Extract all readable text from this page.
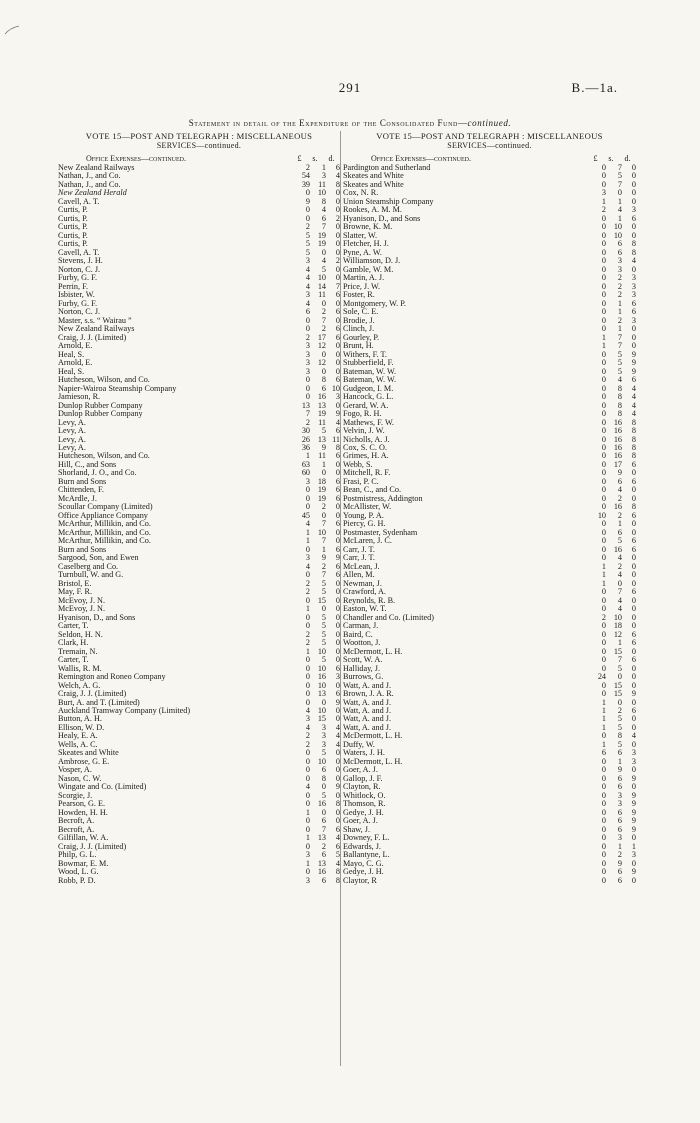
291	B.—1a.
Statement in detail of the Expenditure of the Consolidated Fund—continued.
VOTE 15—POST AND TELEGRAPH : MISCELLANEOUS
SERVICES—continued.
Office Expenses—continued.	£ s. d.
New Zealand Railways	2	1	6
Nathan, J., and Co.	54	3	4
Nathan, J., and Co.	39 11	8
New Zealand Herald	0 10	0
Cavell, A. T.	9	8	0
Curtis, P.	0	4	0
Curtis, P.	0	6	2
Curtis, P.	2	7	0
Curtis, P.	5 19	0
Curtis, P.	5 19	0
Cavell, A. T.	5	0	0
Stevens, J. H.	3	4	2
Norton, C. J.	4	5	0
Furby, G. F.	4 10	0
Perrin, F.	4 14	7
Isbister, W.	3 11	6
Furby, G. F.	4	0	0
Norton, C. J.	6	2	6
Master, s.s. “ Wairau ”	0	7	0
New Zealand Railways	0	2	6
Craig, J. J. (Limited)	2 17	6
Arnold, E.	3 12	0
Heal, S.	3	0	0
Arnold, E.	3 12	0
Heal, S.	3	0	0
Hutcheson, Wilson, and Co.	0	8	6
Napier-Wairoa Steamship Company	0	6 10
Jamieson, R.	0 16	3
Dunlop Rubber Company	13 13	0
Dunlop Rubber Company	7 19	9
Levy, A.	2 11	4
Levy, A.	30	5	6
Levy, A.	26 13 11
Levy, A.	36	9	8
Hutcheson, Wilson, and Co.	1 11	6
Hill, C., and Sons	63	1	0
Shorland, J. O., and Co.	60	0	0
Burn and Sons	3 18	6
Chittenden, F.	0 19	6
McArdle, J.	0 19	6
Scoullar Company (Limited)	0	2	0
Office Appliance Company	45	0	0
McArthur, Millikin, and Co.	4	7	6
McArthur, Millikin, and Co.	1 10	0
McArthur, Millikin, and Co.	1	7	0
Burn and Sons	0	1	6
Sargood, Son, and Ewen	3	9	9
Caselberg and Co.	4	2	6
Turnbull, W. and G.	0	7	6
Bristol, E.	2	5	0
May, F. R.	2	5	0
McEvoy, J. N.	0 15	0
McEvoy, J. N.	1	0	0
Hyanison, D., and Sons	0	5	0
Carter, T.	0	5	0
Seldon, H. N.	2	5	0
Clark, H.	2	5	0
Tremain, N.	1 10	0
Carter, T.	0	5	0
Wallis, R. M.	0 10	6
Remington and Roneo Company	0 16	3
Welch, A. G.	0 10	0
Craig, J. J. (Limited)	0 13	6
Burt, A. and T. (Limited)	0	0	9
Auckland Tramway Company (Limited)	4 10	0
Button, A. H.	3 15	0
Ellison, W. D.	4	3	4
Healy, E. A.	2	3	4
Wells, A. C.	2	3	4
Skeates and White	0	5	0
Ambrose, G. E.	0 10	0
Vosper, A.	0	6	0
Nason, C. W.	0	8	0
Wingate and Co. (Limited)	4	0	9
Scorgie, J.	0	5	0
Pearson, G. E.	0 16	8
Howden, H. H.	1	0	0
Becroft, A.	0	6	0
Becroft, A.	0	7	6
Gilfillan, W. A.	1 13	4
Craig, J. J. (Limited)	0	2	6
Philp, G. L.	3	6	5
Bowmar, E. M.	1 13	4
Wood, L. G.	0 16	8
Robb, P. D.	3	6	8
VOTE 15—POST AND TELEGRAPH : MISCELLANEOUS
SERVICES—continued.
Office Expenses—continued.	£ s. d.
Pardington and Sutherland	0	7	0
Skeates and White	0	5	0
Skeates and White	0	7	0
Cox, N. R.	3	0	0
Union Steamship Company	1	1	0
Rookes, A. M. M.	2	4	3
Hyanison, D., and Sons	0	1	6
Browne, K. M.	0 10	0
Slatter, W.	0 10	0
Fletcher, H. J.	0	6	8
Pyne, A. W.	0	6	8
Williamson, D. J.	0	3	4
Gamble, W. M.	0	3	0
Martin, A. J.	0	2	3
Price, J. W.	0	2	3
Foster, R.	0	2	3
Montgomery, W. P.	0	1	6
Sole, C. E.	0	1	6
Brodie, J.	0	2	3
Clinch, J.	0	1	0
Gourley, P.	1	7	0
Brunt, H.	1	7	0
Withers, F. T.	0	5	9
Stubberfield, F.	0	5	9
Bateman, W. W.	0	5	9
Bateman, W. W.	0	4	6
Gudgeon, I. M.	0	8	4
Hancock, G. L.	0	8	4
Gerard, W. A.	0	8	4
Fogo, R. H.	0	8	4
Mathews, F. W.	0 16	8
Velvin, J. W.	0 16	8
Nicholls, A. J.	0 16	8
Cox, S. C. O.	0 16	8
Grimes, H. A.	0 16	8
Webb, S.	0 17	6
Mitchell, R. F.	0	9	0
Frasi, P. C.	0	6	6
Bean, C., and Co.	0	4	0
Postmistress, Addington	0	2	0
McAllister, W.	0 16	8
Young, P. A.	10	2	6
Piercy, G. H.	0	1	0
Postmaster, Sydenham	0	6	0
McLaren, J. C.	0	5	6
Carr, J. T.	0 16	6
Carr, J. T.	0	4	0
McLean, J.	1	2	0
Allen, M.	1	4	0
Newman, J.	1	0	0
Crawford, A.	0	7	6
Reynolds, R. B.	0	4	0
Easton, W. T.	0	4	0
Chandler and Co. (Limited)	2 10	0
Carman, J.	0 18	0
Baird, C.	0 12	6
Wootton, J.	0	1	6
McDermott, L. H.	0 15	0
Scott, W. A.	0	7	6
Halliday, J.	0	5	0
Burrows, G.	24	0	0
Watt, A. and J.	0 15	0
Brown, J. A. R.	0 15	9
Watt, A. and J.	1	0	0
Watt, A. and J.	1	2	6
Watt, A. and J.	1	5	0
Watt, A. and J.	1	5	0
McDermott, L. H.	0	8	4
Duffy, W.	1	5	0
Waters, J. H.	6	6	3
McDermott, L. H.	0	1	3
Goer, A. J.	0	9	0
Gallop, J. F.	0	6	9
Clayton, R.	0	6	0
Whitlock, O.	0	3	9
Thomson, R.	0	3	9
Gedye, J. H.	0	6	9
Goer, A. J.	0	6	9
Shaw, J.	0	6	9
Downey, F. L.	0	3	0
Edwards, J.	0	1	1
Ballantyne, L.	0	2	3
Mayo, C. G.	0	9	0
Gedye, J. H.	0	6	9
Claytor, R	0	6	0
